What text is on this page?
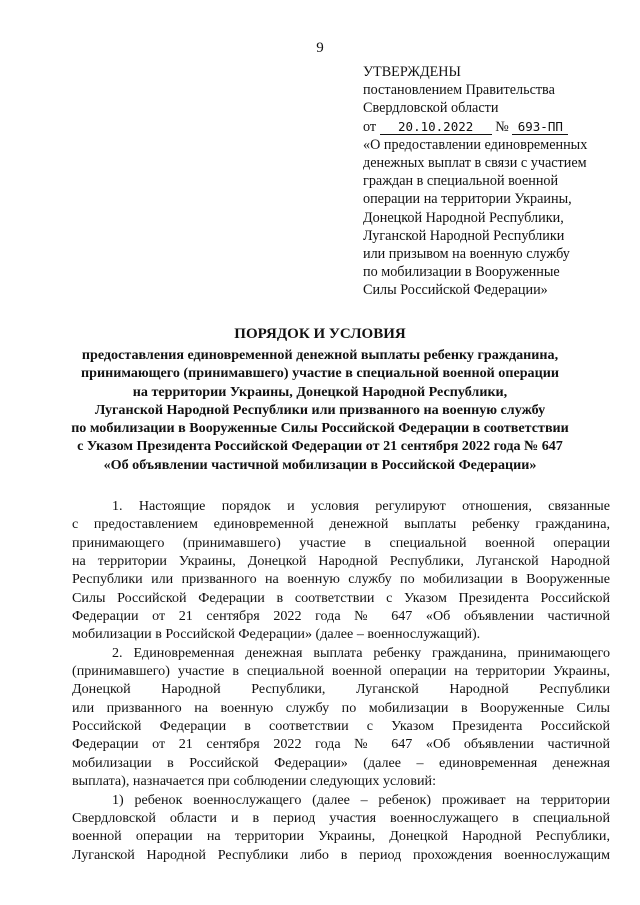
9
УТВЕРЖДЕНЫ
постановлением Правительства
Свердловской области
от 20.10.2022 № 693-ПП
«О предоставлении единовременных
денежных выплат в связи с участием
граждан в специальной военной
операции на территории Украины,
Донецкой Народной Республики,
Луганской Народной Республики
или призывом на военную службу
по мобилизации в Вооруженные
Силы Российской Федерации»
ПОРЯДОК И УСЛОВИЯ
предоставления единовременной денежной выплаты ребенку гражданина,
принимающего (принимавшего) участие в специальной военной операции
на территории Украины, Донецкой Народной Республики,
Луганской Народной Республики или призванного на военную службу
по мобилизации в Вооруженные Силы Российской Федерации в соответствии
с Указом Президента Российской Федерации от 21 сентября 2022 года № 647
«Об объявлении частичной мобилизации в Российской Федерации»
1. Настоящие порядок и условия регулируют отношения, связанные
с предоставлением единовременной денежной выплаты ребенку гражданина,
принимающего (принимавшего) участие в специальной военной операции
на территории Украины, Донецкой Народной Республики, Луганской Народной
Республики или призванного на военную службу по мобилизации в Вооруженные
Силы Российской Федерации в соответствии с Указом Президента Российской
Федерации от 21 сентября 2022 года № 647 «Об объявлении частичной
мобилизации в Российской Федерации» (далее – военнослужащий).
2. Единовременная денежная выплата ребенку гражданина, принимающего
(принимавшего) участие в специальной военной операции на территории Украины,
Донецкой Народной Республики, Луганской Народной Республики
или призванного на военную службу по мобилизации в Вооруженные Силы
Российской Федерации в соответствии с Указом Президента Российской
Федерации от 21 сентября 2022 года № 647 «Об объявлении частичной
мобилизации в Российской Федерации» (далее – единовременная денежная
выплата), назначается при соблюдении следующих условий:
1) ребенок военнослужащего (далее – ребенок) проживает на территории
Свердловской области и в период участия военнослужащего в специальной
военной операции на территории Украины, Донецкой Народной Республики,
Луганской Народной Республики либо в период прохождения военнослужащим
